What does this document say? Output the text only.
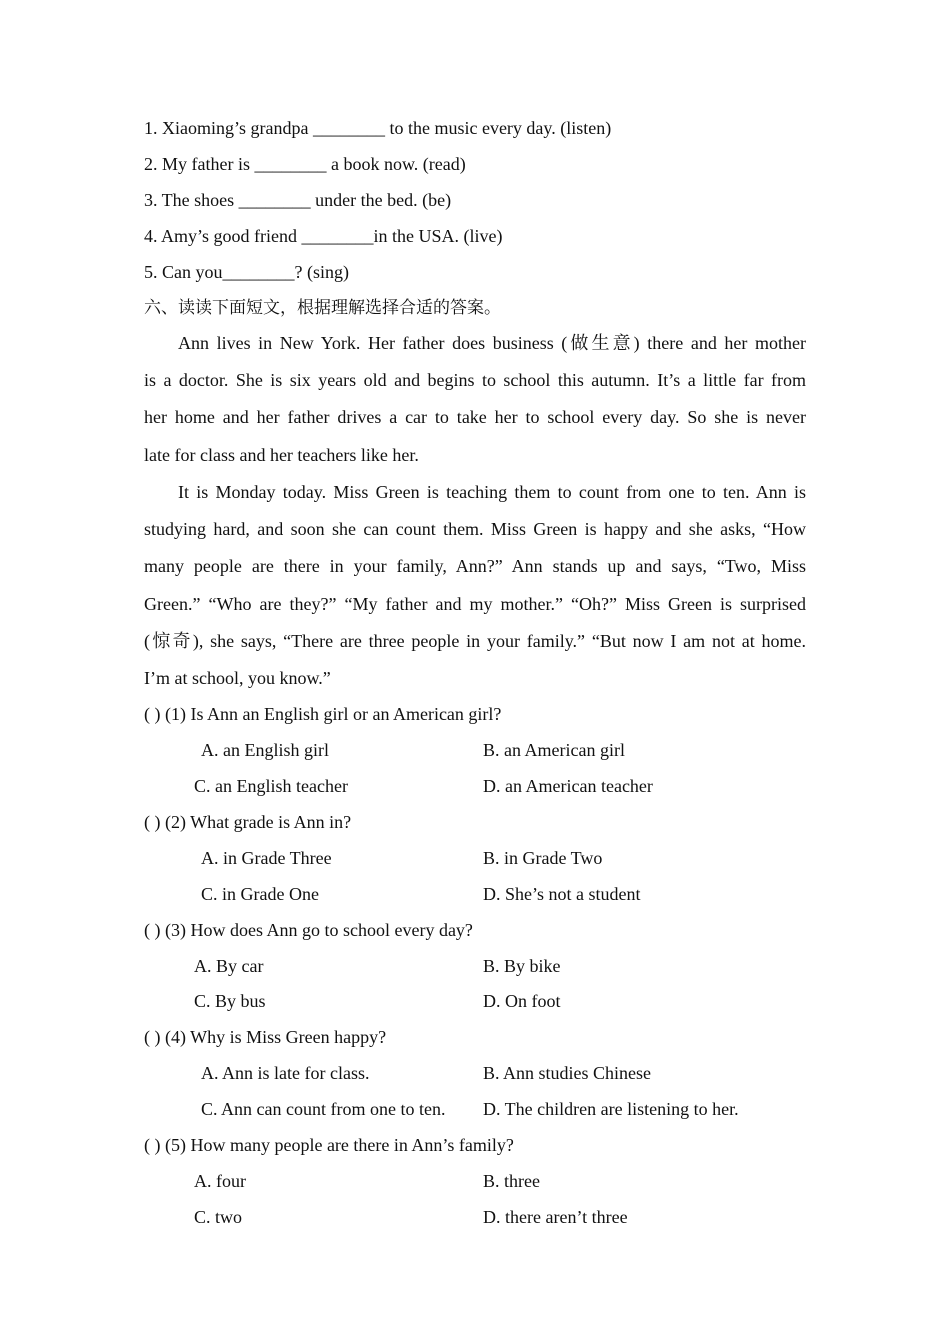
1. Xiaoming’s grandpa ________ to the music every day. (listen)
2. My father is ________ a book now. (read)
3. The shoes ________ under the bed. (be)
4. Amy’s good friend ________in the USA. (live)
5. Can you________? (sing)
六、读读下面短文，根据理解选择合适的答案。
Ann lives in New York. Her father does business (做生意) there and her mother
is a doctor. She is six years old and begins to school this autumn. It’s a little far from
her home and her father drives a car to take her to school every day. So she is never
late for class and her teachers like her.
It is Monday today. Miss Green is teaching them to count from one to ten. Ann is
studying hard, and soon she can count them. Miss Green is happy and she asks, “How
many people are there in your family, Ann?” Ann stands up and says, “Two, Miss
Green.” “Who are they?” “My father and my mother.” “Oh?” Miss Green is surprised
(惊奇), she says, “There are three people in your family.” “But now I am not at home.
I’m at school, you know.”
( ) (1) Is Ann an English girl or an American girl?
A. an English girl	B. an American girl
C. an English teacher	D. an American teacher
( ) (2) What grade is Ann in?
A. in Grade Three	B. in Grade Two
C. in Grade One	D. She’s not a student
( ) (3) How does Ann go to school every day?
A. By car	B. By bike
C. By bus	D. On foot
( ) (4) Why is Miss Green happy?
A. Ann is late for class.	B. Ann studies Chinese
C. Ann can count from one to ten. D. The children are listening to her.
( ) (5) How many people are there in Ann’s family?
A. four	B. three
C. two	D. there aren’t three
